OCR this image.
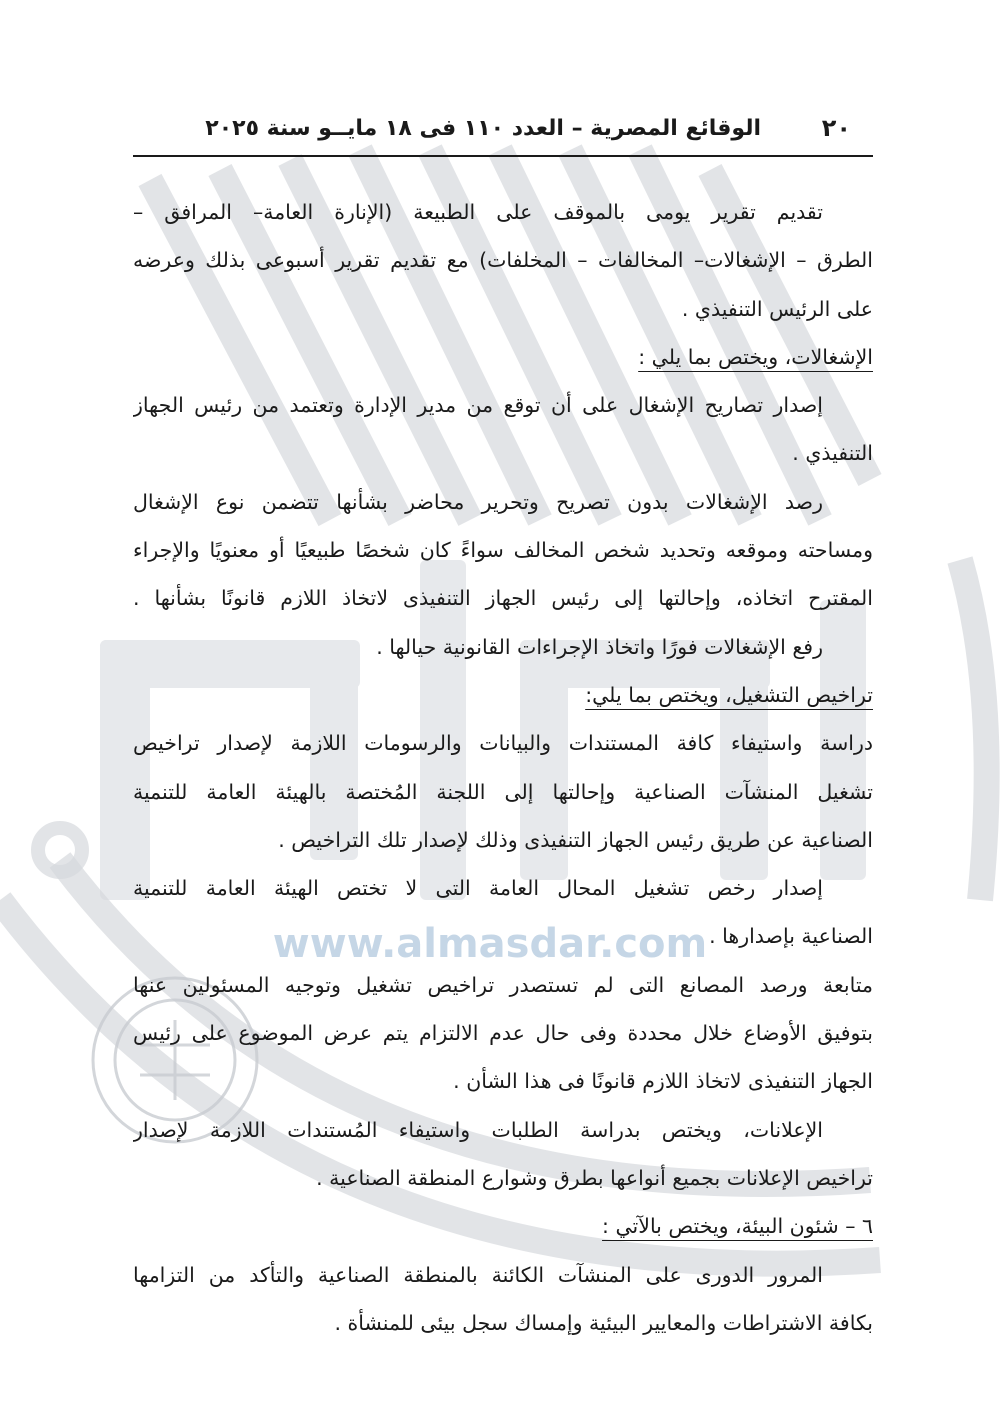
www.almasdar.com
٢٠
الوقائع المصرية – العدد ١١٠ فى ١٨ مايــو سنة ٢٠٢٥
تقديم تقرير يومى بالموقف على الطبيعة (الإنارة العامة– المرافق –
الطرق – الإشغالات– المخالفات – المخلفات) مع تقديم تقرير أسبوعى بذلك وعرضه
على الرئيس التنفيذي .
الإشغالات، ويختص بما يلي :
إصدار تصاريح الإشغال على أن توقع من مدير الإدارة وتعتمد من رئيس الجهاز
التنفيذي .
رصد الإشغالات بدون تصريح وتحرير محاضر بشأنها تتضمن نوع الإشغال
ومساحته وموقعه وتحديد شخص المخالف سواءً كان شخصًا طبيعيًا أو معنويًا والإجراء
المقترح اتخاذه، وإحالتها إلى رئيس الجهاز التنفيذى لاتخاذ اللازم قانونًا بشأنها .
رفع الإشغالات فورًا واتخاذ الإجراءات القانونية حيالها .
تراخيص التشغيل، ويختص بما يلي:
دراسة واستيفاء كافة المستندات والبيانات والرسومات اللازمة لإصدار تراخيص
تشغيل المنشآت الصناعية وإحالتها إلى اللجنة المُختصة بالهيئة العامة للتنمية
الصناعية عن طريق رئيس الجهاز التنفيذى وذلك لإصدار تلك التراخيص .
إصدار رخص تشغيل المحال العامة التى لا تختص الهيئة العامة للتنمية
الصناعية بإصدارها .
متابعة ورصد المصانع التى لم تستصدر تراخيص تشغيل وتوجيه المسئولين عنها
بتوفيق الأوضاع خلال محددة وفى حال عدم الالتزام يتم عرض الموضوع على رئيس
الجهاز التنفيذى لاتخاذ اللازم قانونًا فى هذا الشأن .
الإعلانات، ويختص بدراسة الطلبات واستيفاء المُستندات اللازمة لإصدار
تراخيص الإعلانات بجميع أنواعها بطرق وشوارع المنطقة الصناعية .
٦ – شئون البيئة، ويختص بالآتي :
المرور الدورى على المنشآت الكائنة بالمنطقة الصناعية والتأكد من التزامها
بكافة الاشتراطات والمعايير البيئية وإمساك سجل بيئى للمنشأة .
